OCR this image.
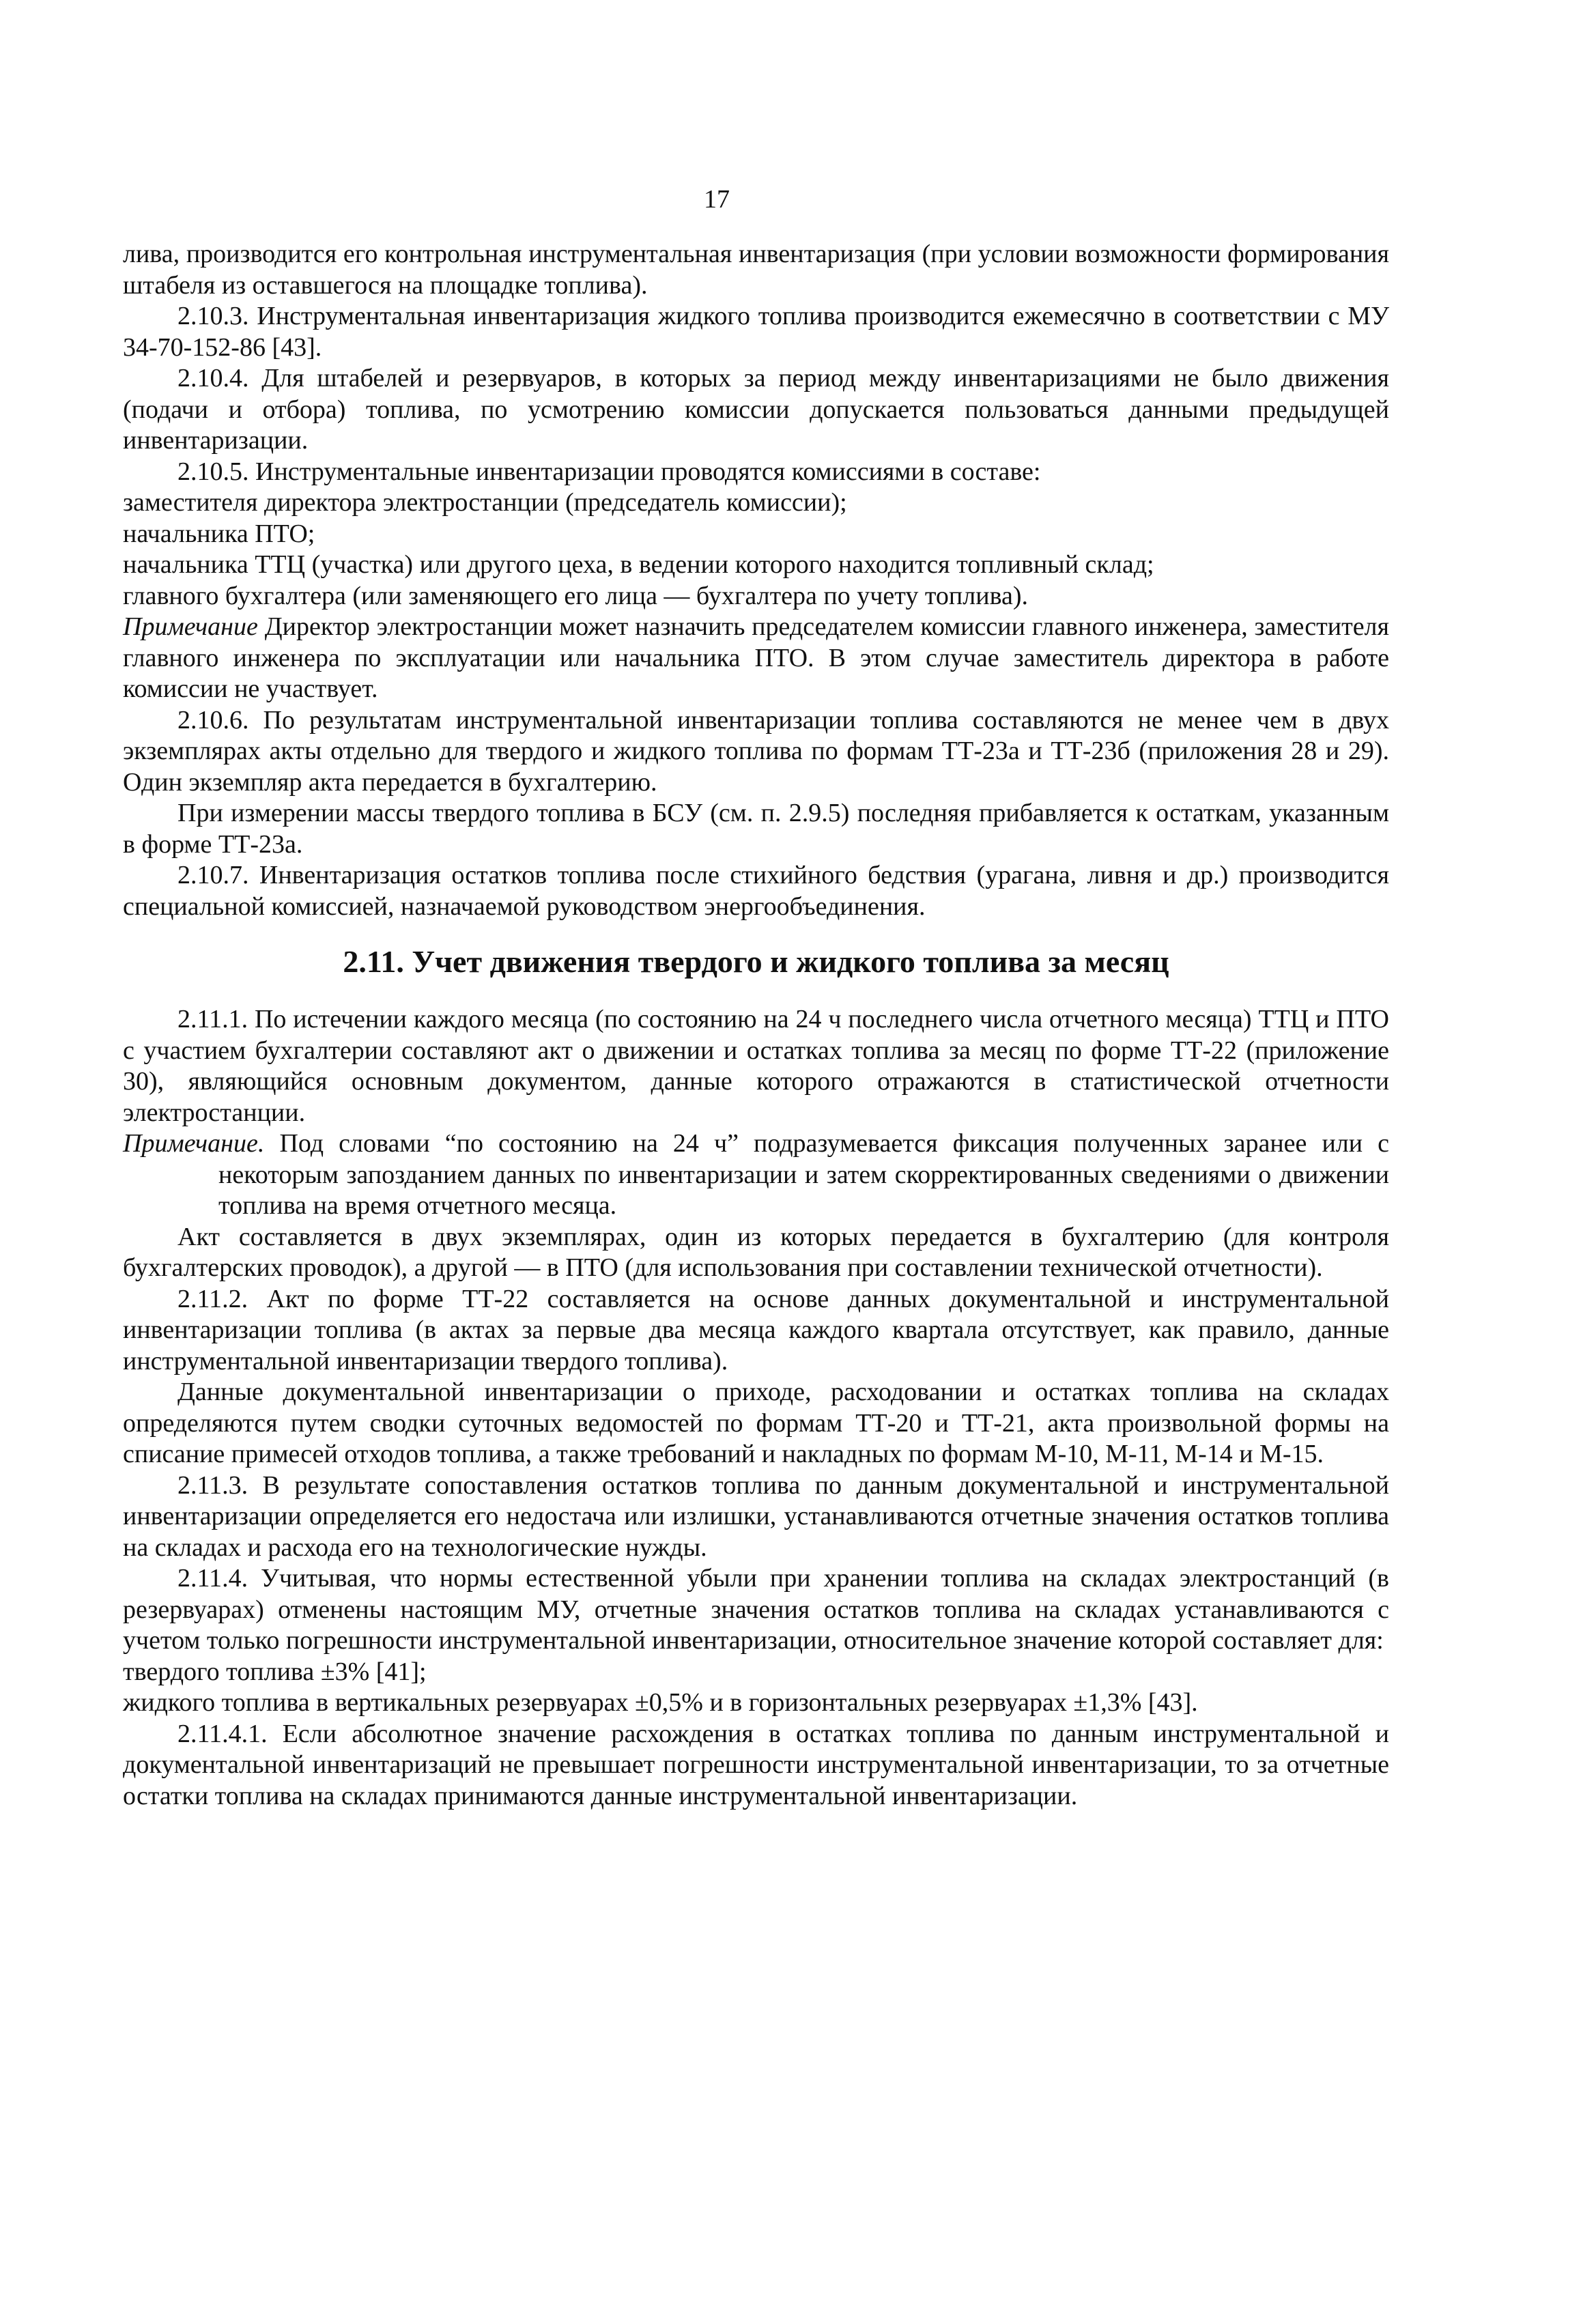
17

лива, производится его контрольная инструментальная инвентаризация (при условии возможности формирования штабеля из оставшегося на площадке топлива).

2.10.3. Инструментальная инвентаризация жидкого топлива производится ежемесячно в соответствии с МУ 34-70-152-86 [43].

2.10.4. Для штабелей и резервуаров, в которых за период между инвентаризациями не было движения (подачи и отбора) топлива, по усмотрению комиссии допускается пользоваться данными предыдущей инвентаризации.

2.10.5. Инструментальные инвентаризации проводятся комиссиями в составе:

заместителя директора электростанции (председатель комиссии);

начальника ПТО;

начальника ТТЦ (участка) или другого цеха, в ведении которого находится топливный склад;

главного бухгалтера (или заменяющего его лица — бухгалтера по учету топлива).

Примечание Директор электростанции может назначить председателем комиссии главного инженера, заместителя главного инженера по эксплуатации или начальника ПТО. В этом случае заместитель директора в работе комиссии не участвует.

2.10.6. По результатам инструментальной инвентаризации топлива составляются не менее чем в двух экземплярах акты отдельно для твердого и жидкого топлива по формам ТТ-23а и ТТ-23б (приложения 28 и 29). Один экземпляр акта передается в бухгалтерию.

При измерении массы твердого топлива в БСУ (см. п. 2.9.5) последняя прибавляется к остаткам, указанным в форме ТТ-23а.

2.10.7. Инвентаризация остатков топлива после стихийного бедствия (урагана, ливня и др.) производится специальной комиссией, назначаемой руководством энергообъединения.

2.11. Учет движения твердого и жидкого топлива за месяц

2.11.1. По истечении каждого месяца (по состоянию на 24 ч последнего числа отчетного месяца) ТТЦ и ПТО с участием бухгалтерии составляют акт о движении и остатках топлива за месяц по форме ТТ-22 (приложение 30), являющийся основным документом, данные которого отражаются в статистической отчетности электростанции.

Примечание. Под словами “по состоянию на 24 ч” подразумевается фиксация полученных заранее или с некоторым запозданием данных по инвентаризации и затем скорректированных сведениями о движении топлива на время отчетного месяца.

Акт составляется в двух экземплярах, один из которых передается в бухгалтерию (для контроля бухгалтерских проводок), а другой — в ПТО (для использования при составлении технической отчетности).

2.11.2. Акт по форме ТТ-22 составляется на основе данных документальной и инструментальной инвентаризации топлива (в актах за первые два месяца каждого квартала отсутствует, как правило, данные инструментальной инвентаризации твердого топлива).

Данные документальной инвентаризации о приходе, расходовании и остатках топлива на складах определяются путем сводки суточных ведомостей по формам ТТ-20 и ТТ-21, акта произвольной формы на списание примесей отходов топлива, а также требований и накладных по формам М-10, М-11, М-14 и М-15.

2.11.3. В результате сопоставления остатков топлива по данным документальной и инструментальной инвентаризации определяется его недостача или излишки, устанавливаются отчетные значения остатков топлива на складах и расхода его на технологические нужды.

2.11.4. Учитывая, что нормы естественной убыли при хранении топлива на складах электростанций (в резервуарах) отменены настоящим МУ, отчетные значения остатков топлива на складах устанавливаются с учетом только погрешности инструментальной инвентаризации, относительное значение которой составляет для:

твердого топлива ±3% [41];

жидкого топлива в вертикальных резервуарах ±0,5% и в горизонтальных резервуарах ±1,3% [43].

2.11.4.1. Если абсолютное значение расхождения в остатках топлива по данным инструментальной и документальной инвентаризаций не превышает погрешности инструментальной инвентаризации, то за отчетные остатки топлива на складах принимаются данные инструментальной инвентаризации.
